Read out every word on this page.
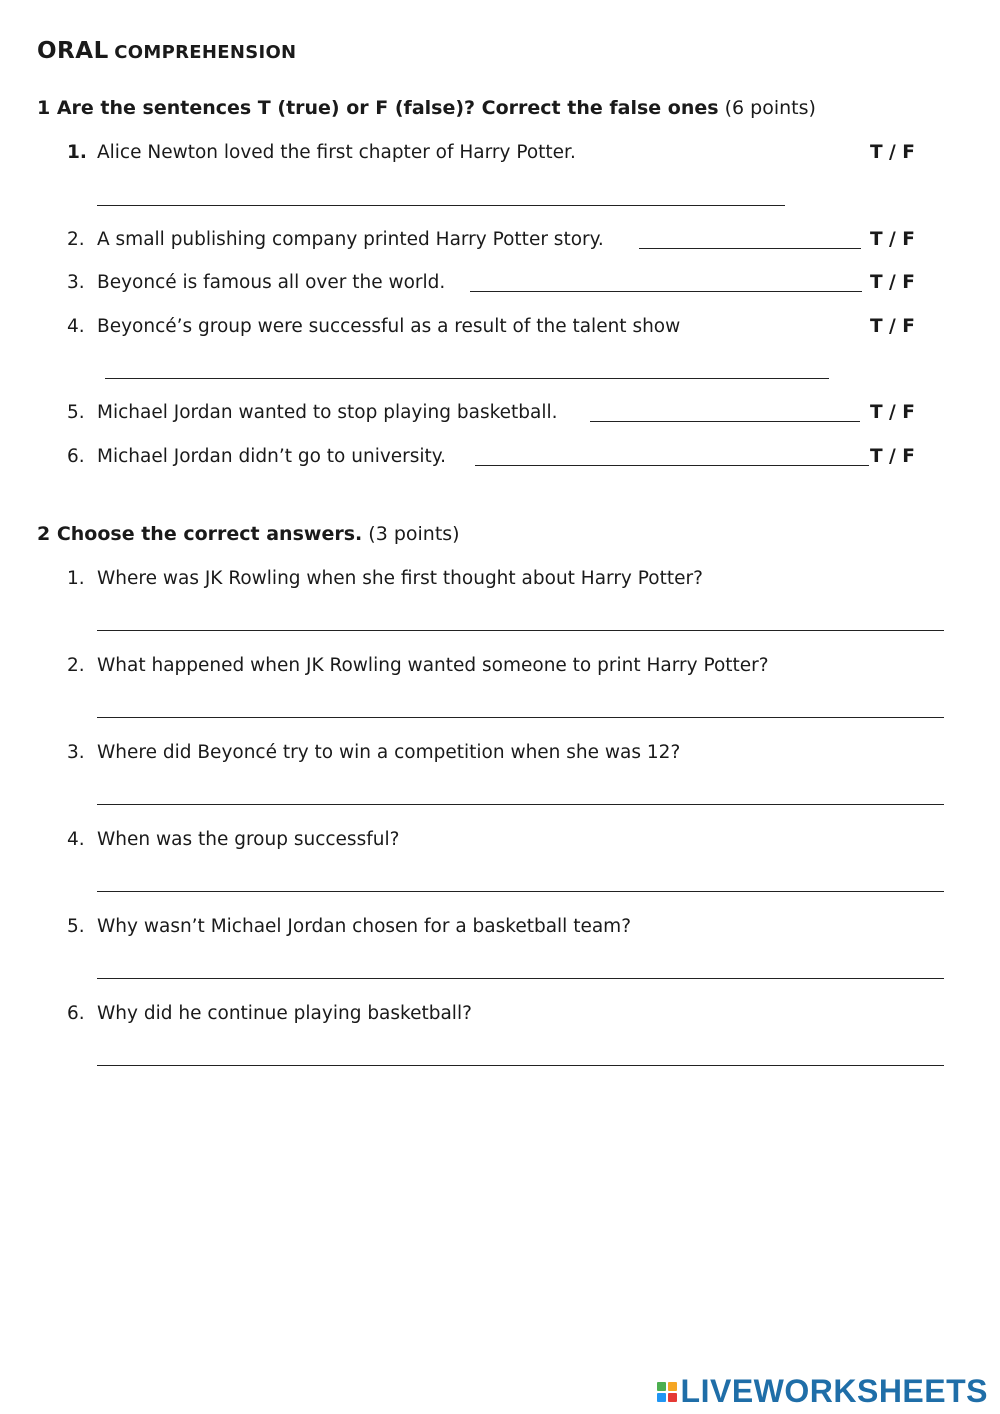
ORAL COMPREHENSION
1 Are the sentences T (true) or F (false)? Correct the false ones (6 points)
1. Alice Newton loved the first chapter of Harry Potter.	T / F
2. A small publishing company printed Harry Potter story.	T / F
3. Beyoncé is famous all over the world.	T / F
4. Beyoncé’s group were successful as a result of the talent show	T / F
5. Michael Jordan wanted to stop playing basketball.	T / F
6. Michael Jordan didn’t go to university.	T / F
2 Choose the correct answers. (3 points)
1. Where was JK Rowling when she first thought about Harry Potter?
2. What happened when JK Rowling wanted someone to print Harry Potter?
3. Where did Beyoncé try to win a competition when she was 12?
4. When was the group successful?
5. Why wasn’t Michael Jordan chosen for a basketball team?
6. Why did he continue playing basketball?
LIVEWORKSHEETS
